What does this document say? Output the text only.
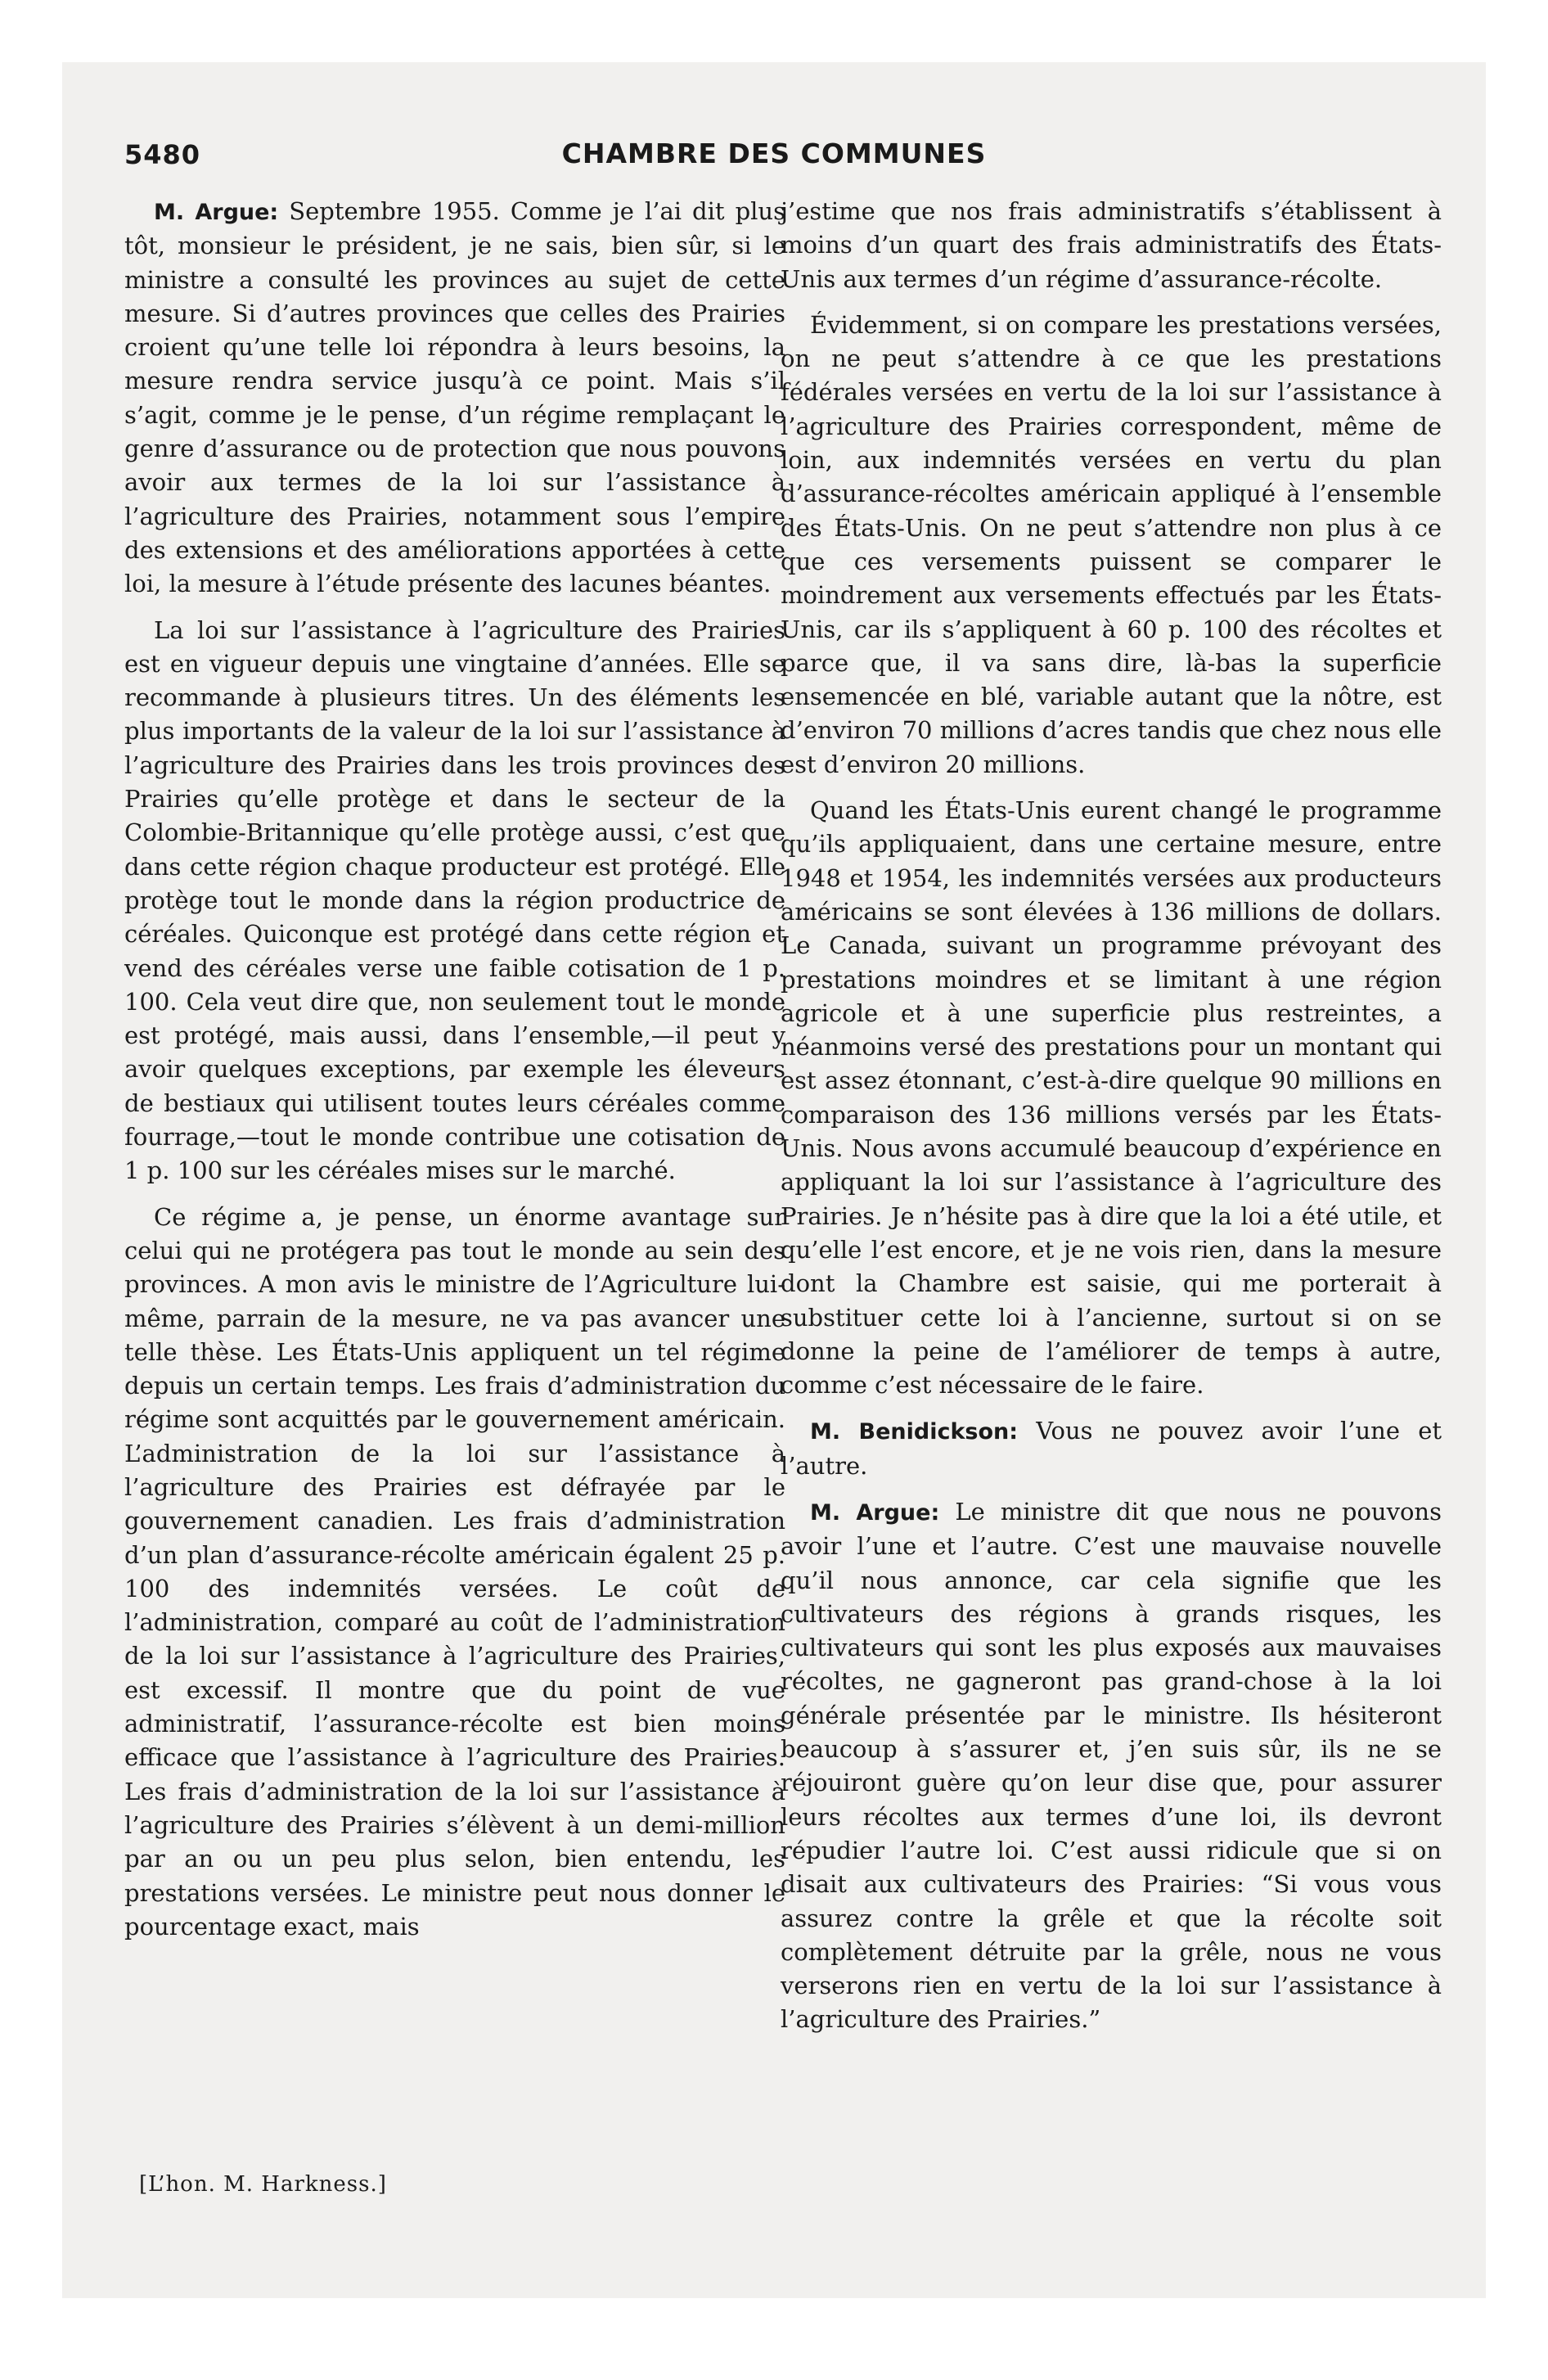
5480	CHAMBRE DES COMMUNES

M. Argue: Septembre 1955. Comme je l’ai dit plus tôt, monsieur le président, je ne sais, bien sûr, si le ministre a consulté les provinces au sujet de cette mesure. Si d’autres provinces que celles des Prairies croient qu’une telle loi répondra à leurs besoins, la mesure rendra service jusqu’à ce point. Mais s’il s’agit, comme je le pense, d’un régime remplaçant le genre d’assurance ou de protection que nous pouvons avoir aux termes de la loi sur l’assistance à l’agriculture des Prairies, notamment sous l’empire des extensions et des améliorations apportées à cette loi, la mesure à l’étude présente des lacunes béantes.

La loi sur l’assistance à l’agriculture des Prairies est en vigueur depuis une vingtaine d’années. Elle se recommande à plusieurs titres. Un des éléments les plus importants de la valeur de la loi sur l’assistance à l’agriculture des Prairies dans les trois provinces des Prairies qu’elle protège et dans le secteur de la Colombie-Britannique qu’elle protège aussi, c’est que dans cette région chaque producteur est protégé. Elle protège tout le monde dans la région productrice de céréales. Quiconque est protégé dans cette région et vend des céréales verse une faible cotisation de 1 p. 100. Cela veut dire que, non seulement tout le monde est protégé, mais aussi, dans l’ensemble,—il peut y avoir quelques exceptions, par exemple les éleveurs de bestiaux qui utilisent toutes leurs céréales comme fourrage,—tout le monde contribue une cotisation de 1 p. 100 sur les céréales mises sur le marché.

Ce régime a, je pense, un énorme avantage sur celui qui ne protégera pas tout le monde au sein des provinces. A mon avis le ministre de l’Agriculture lui-même, parrain de la mesure, ne va pas avancer une telle thèse. Les États-Unis appliquent un tel régime depuis un certain temps. Les frais d’administration du régime sont acquittés par le gouvernement américain. L’administration de la loi sur l’assistance à l’agriculture des Prairies est défrayée par le gouvernement canadien. Les frais d’administration d’un plan d’assurance-récolte américain égalent 25 p. 100 des indemnités versées. Le coût de l’administration, comparé au coût de l’administration de la loi sur l’assistance à l’agriculture des Prairies, est excessif. Il montre que du point de vue administratif, l’assurance-récolte est bien moins efficace que l’assistance à l’agriculture des Prairies. Les frais d’administration de la loi sur l’assistance à l’agriculture des Prairies s’élèvent à un demi-million par an ou un peu plus selon, bien entendu, les prestations versées. Le ministre peut nous donner le pourcentage exact, mais

j’estime que nos frais administratifs s’établissent à moins d’un quart des frais administratifs des États-Unis aux termes d’un régime d’assurance-récolte.

Évidemment, si on compare les prestations versées, on ne peut s’attendre à ce que les prestations fédérales versées en vertu de la loi sur l’assistance à l’agriculture des Prairies correspondent, même de loin, aux indemnités versées en vertu du plan d’assurance-récoltes américain appliqué à l’ensemble des États-Unis. On ne peut s’attendre non plus à ce que ces versements puissent se comparer le moindrement aux versements effectués par les États-Unis, car ils s’appliquent à 60 p. 100 des récoltes et parce que, il va sans dire, là-bas la superficie ensemencée en blé, variable autant que la nôtre, est d’environ 70 millions d’acres tandis que chez nous elle est d’environ 20 millions.

Quand les États-Unis eurent changé le programme qu’ils appliquaient, dans une certaine mesure, entre 1948 et 1954, les indemnités versées aux producteurs américains se sont élevées à 136 millions de dollars. Le Canada, suivant un programme prévoyant des prestations moindres et se limitant à une région agricole et à une superficie plus restreintes, a néanmoins versé des prestations pour un montant qui est assez étonnant, c’est-à-dire quelque 90 millions en comparaison des 136 millions versés par les États-Unis. Nous avons accumulé beaucoup d’expérience en appliquant la loi sur l’assistance à l’agriculture des Prairies. Je n’hésite pas à dire que la loi a été utile, et qu’elle l’est encore, et je ne vois rien, dans la mesure dont la Chambre est saisie, qui me porterait à substituer cette loi à l’ancienne, surtout si on se donne la peine de l’améliorer de temps à autre, comme c’est nécessaire de le faire.

M. Benidickson: Vous ne pouvez avoir l’une et l’autre.

M. Argue: Le ministre dit que nous ne pouvons avoir l’une et l’autre. C’est une mauvaise nouvelle qu’il nous annonce, car cela signifie que les cultivateurs des régions à grands risques, les cultivateurs qui sont les plus exposés aux mauvaises récoltes, ne gagneront pas grand-chose à la loi générale présentée par le ministre. Ils hésiteront beaucoup à s’assurer et, j’en suis sûr, ils ne se réjouiront guère qu’on leur dise que, pour assurer leurs récoltes aux termes d’une loi, ils devront répudier l’autre loi. C’est aussi ridicule que si on disait aux cultivateurs des Prairies: “Si vous vous assurez contre la grêle et que la récolte soit complètement détruite par la grêle, nous ne vous verserons rien en vertu de la loi sur l’assistance à l’agriculture des Prairies.”

[L’hon. M. Harkness.]
